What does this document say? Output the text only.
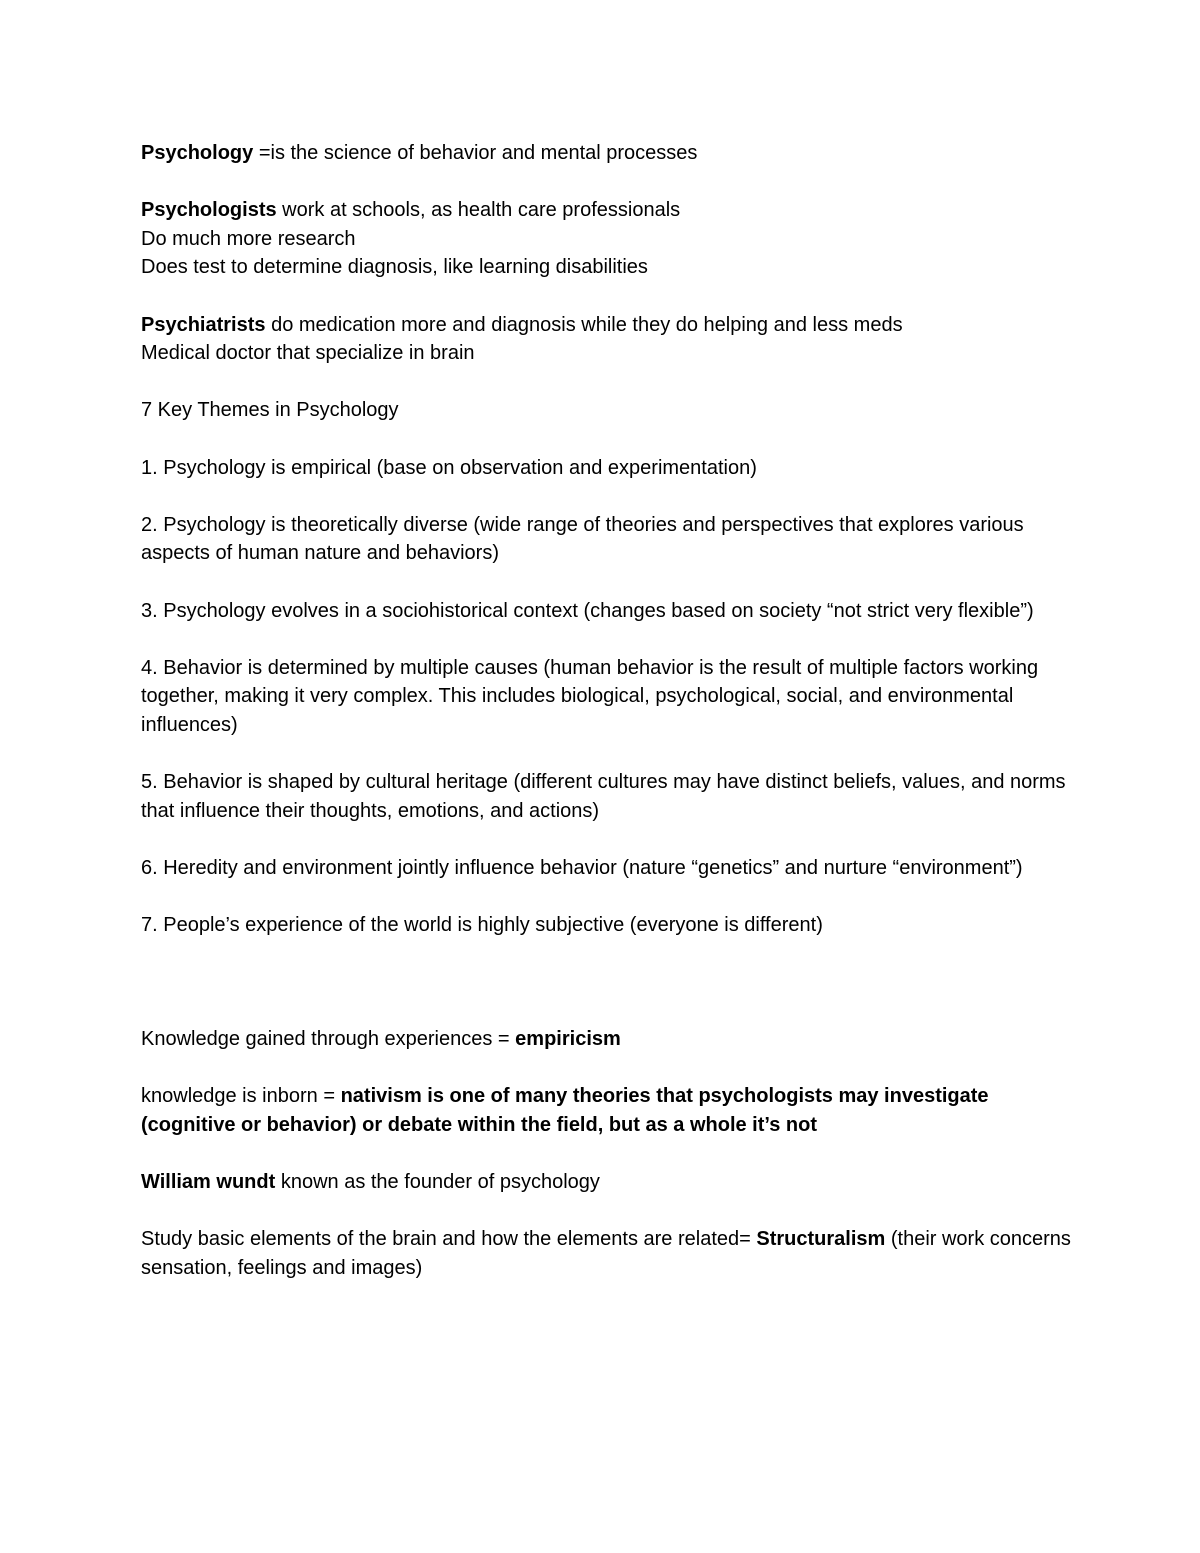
Psychology =is the science of behavior and mental processes

Psychologists work at schools, as health care professionals
Do much more research
Does test to determine diagnosis, like learning disabilities

Psychiatrists do medication more and diagnosis while they do helping and less meds
Medical doctor that specialize in brain

7 Key Themes in Psychology

1. Psychology is empirical (base on observation and experimentation)

2. Psychology is theoretically diverse (wide range of theories and perspectives that explores various aspects of human nature and behaviors)

3. Psychology evolves in a sociohistorical context (changes based on society “not strict very flexible”)

4. Behavior is determined by multiple causes (human behavior is the result of multiple factors working together, making it very complex. This includes biological, psychological, social, and environmental influences)

5. Behavior is shaped by cultural heritage (different cultures may have distinct beliefs, values, and norms that influence their thoughts, emotions, and actions)

6. Heredity and environment jointly influence behavior (nature “genetics” and nurture “environment”)

7. People’s experience of the world is highly subjective (everyone is different)

Knowledge gained through experiences = empiricism

knowledge is inborn = nativism is one of many theories that psychologists may investigate (cognitive or behavior) or debate within the field, but as a whole it’s not

William wundt known as the founder of psychology

Study basic elements of the brain and how the elements are related= Structuralism (their work concerns sensation, feelings and images)
